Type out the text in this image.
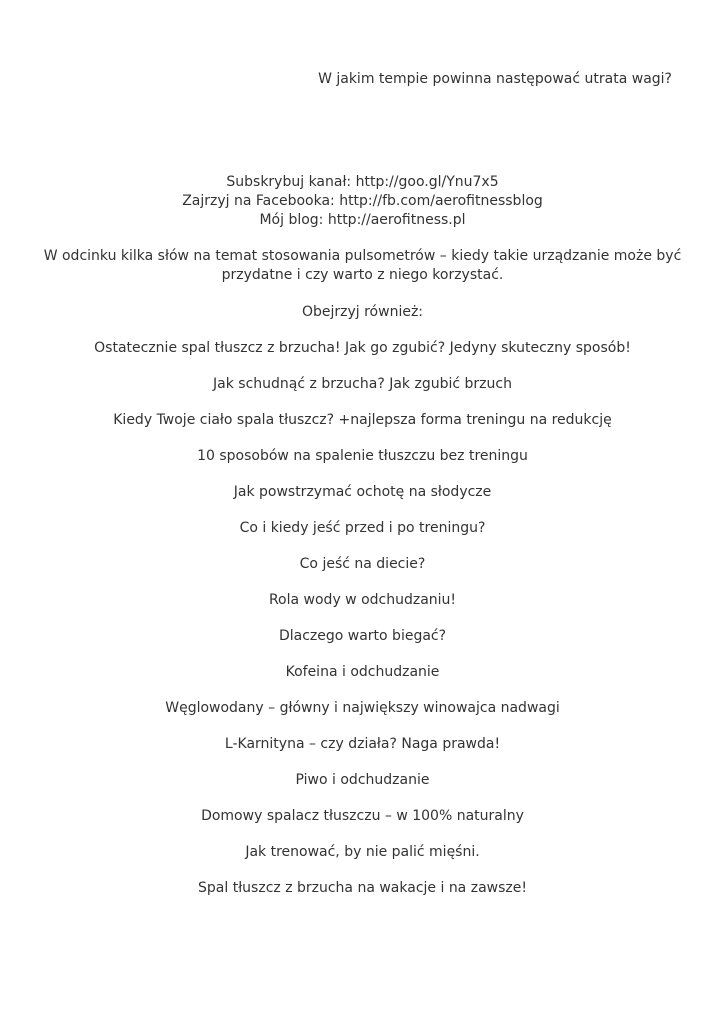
W jakim tempie powinna następować utrata wagi?
Subskrybuj kanał: http://goo.gl/Ynu7x5
Zajrzyj na Facebooka: http://fb.com/aerofitnessblog
Mój blog: http://aerofitness.pl
W odcinku kilka słów na temat stosowania pulsometrów – kiedy takie urządzanie może być
przydatne i czy warto z niego korzystać.
Obejrzyj również:
Ostatecznie spal tłuszcz z brzucha! Jak go zgubić? Jedyny skuteczny sposób!
Jak schudnąć z brzucha? Jak zgubić brzuch
Kiedy Twoje ciało spala tłuszcz? +najlepsza forma treningu na redukcję
10 sposobów na spalenie tłuszczu bez treningu
Jak powstrzymać ochotę na słodycze
Co i kiedy jeść przed i po treningu?
Co jeść na diecie?
Rola wody w odchudzaniu!
Dlaczego warto biegać?
Kofeina i odchudzanie
Węglowodany – główny i największy winowajca nadwagi
L-Karnityna – czy działa? Naga prawda!
Piwo i odchudzanie
Domowy spalacz tłuszczu – w 100% naturalny
Jak trenować, by nie palić mięśni.
Spal tłuszcz z brzucha na wakacje i na zawsze!
